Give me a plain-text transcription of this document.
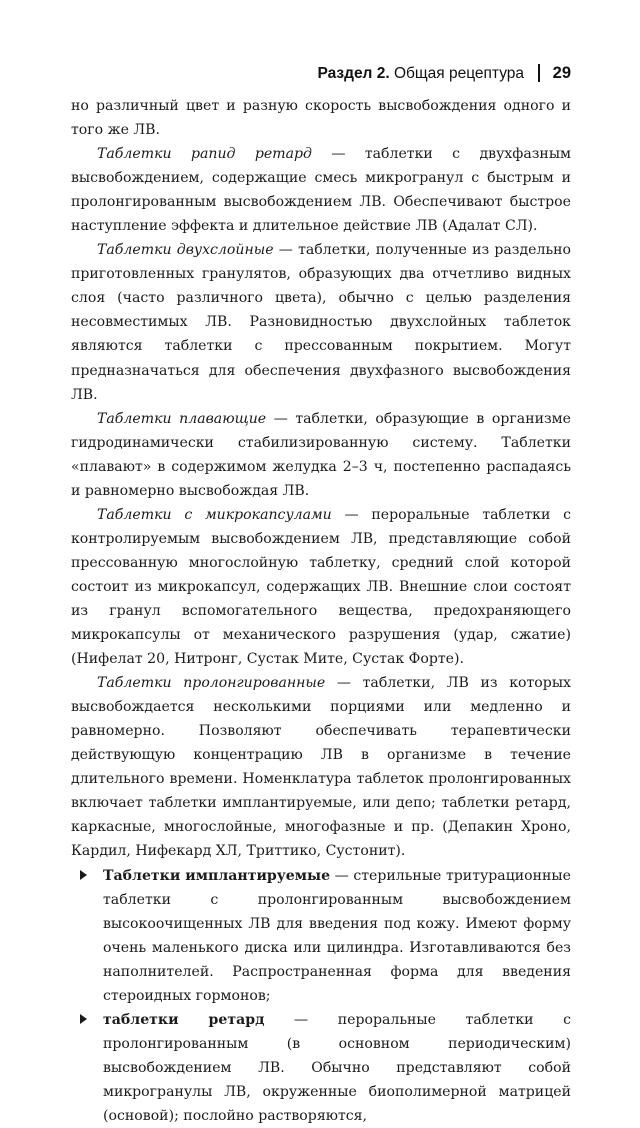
Раздел 2. Общая рецептура 29

но различный цвет и разную скорость высвобождения одного и того же ЛВ.

Таблетки рапид ретард — таблетки с двухфазным высвобождением, содержащие смесь микрогранул с быстрым и пролонгированным высвобождением ЛВ. Обеспечивают быстрое наступление эффекта и длительное действие ЛВ (Адалат СЛ).

Таблетки двухслойные — таблетки, полученные из раздельно приготовленных гранулятов, образующих два отчетливо видных слоя (часто различного цвета), обычно с целью разделения несовместимых ЛВ. Разновидностью двухслойных таблеток являются таблетки с прессованным покрытием. Могут предназначаться для обеспечения двухфазного высвобождения ЛВ.

Таблетки плавающие — таблетки, образующие в организме гидродинамически стабилизированную систему. Таблетки «плавают» в содержимом желудка 2–3 ч, постепенно распадаясь и равномерно высвобождая ЛВ.

Таблетки с микрокапсулами — пероральные таблетки с контролируемым высвобождением ЛВ, представляющие собой прессованную многослойную таблетку, средний слой которой состоит из микрокапсул, содержащих ЛВ. Внешние слои состоят из гранул вспомогательного вещества, предохраняющего микрокапсулы от механического разрушения (удар, сжатие) (Нифелат 20, Нитронг, Сустак Мите, Сустак Форте).

Таблетки пролонгированные — таблетки, ЛВ из которых высвобождается несколькими порциями или медленно и равномерно. Позволяют обеспечивать терапевтически действующую концентрацию ЛВ в организме в течение длительного времени. Номенклатура таблеток пролонгированных включает таблетки имплантируемые, или депо; таблетки ретард, каркасные, многослойные, многофазные и пр. (Депакин Хроно, Кардил, Нифекард ХЛ, Триттико, Сустонит).

Таблетки имплантируемые — стерильные тритурационные таблетки с пролонгированным высвобождением высокоочищенных ЛВ для введения под кожу. Имеют форму очень маленького диска или цилиндра. Изготавливаются без наполнителей. Распространенная форма для введения стероидных гормонов;

таблетки ретард — пероральные таблетки с пролонгированным (в основном периодическим) высвобождением ЛВ. Обычно представляют собой микрогранулы ЛВ, окруженные биополимерной матрицей (основой); послойно растворяются,
